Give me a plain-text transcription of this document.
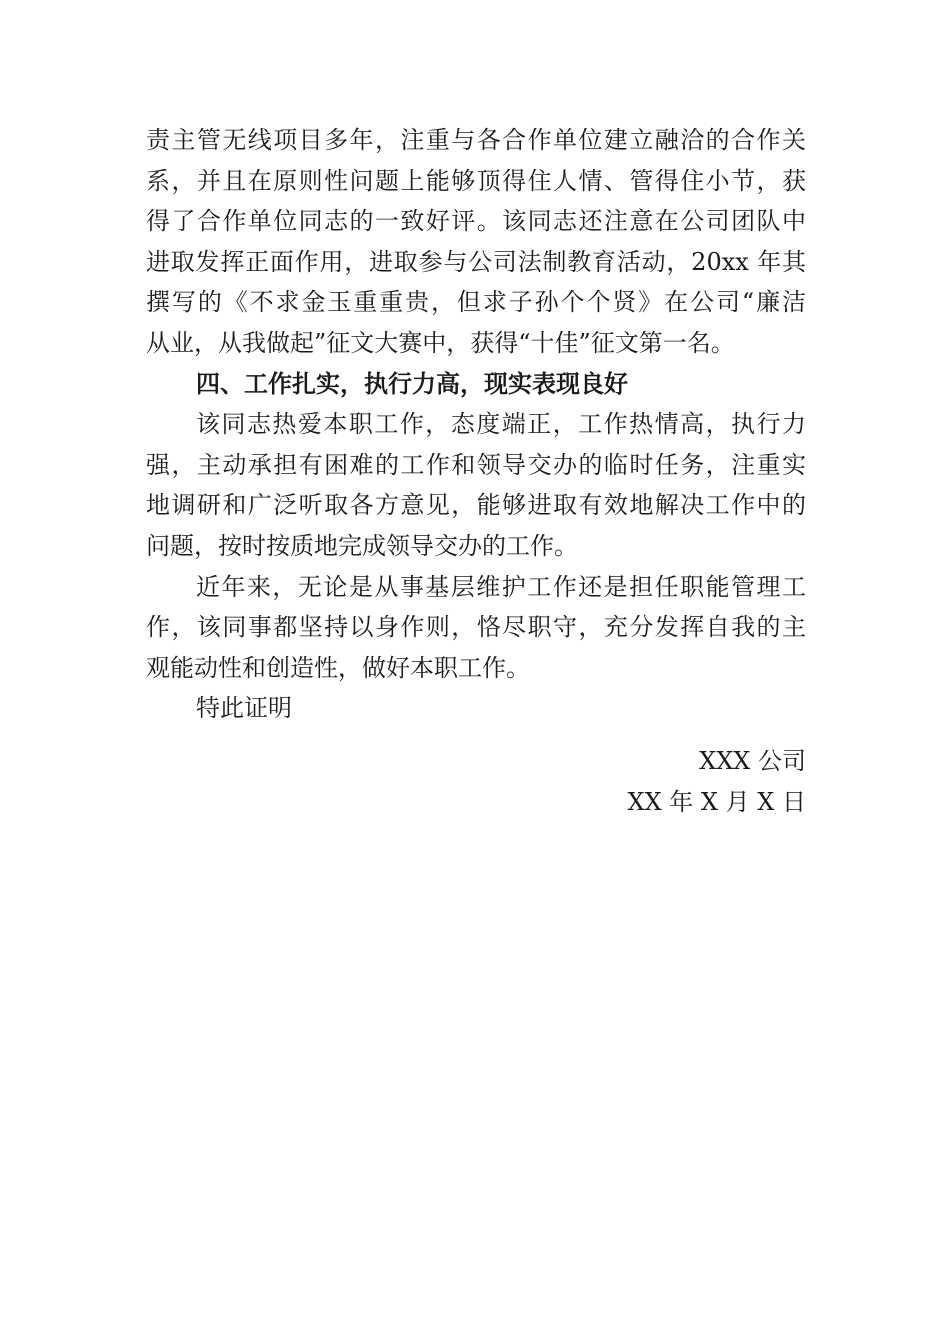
责主管无线项目多年，注重与各合作单位建立融洽的合作关
系，并且在原则性问题上能够顶得住人情、管得住小节，获
得了合作单位同志的一致好评。该同志还注意在公司团队中
进取发挥正面作用，进取参与公司法制教育活动，20xx 年其
撰写的《不求金玉重重贵，但求子孙个个贤》在公司“廉洁
从业，从我做起”征文大赛中，获得“十佳”征文第一名。
四、工作扎实，执行力高，现实表现良好
该同志热爱本职工作，态度端正，工作热情高，执行力
强，主动承担有困难的工作和领导交办的临时任务，注重实
地调研和广泛听取各方意见，能够进取有效地解决工作中的
问题，按时按质地完成领导交办的工作。
近年来，无论是从事基层维护工作还是担任职能管理工
作，该同事都坚持以身作则，恪尽职守，充分发挥自我的主
观能动性和创造性，做好本职工作。
特此证明
XXX 公司
XX 年 X 月 X 日
